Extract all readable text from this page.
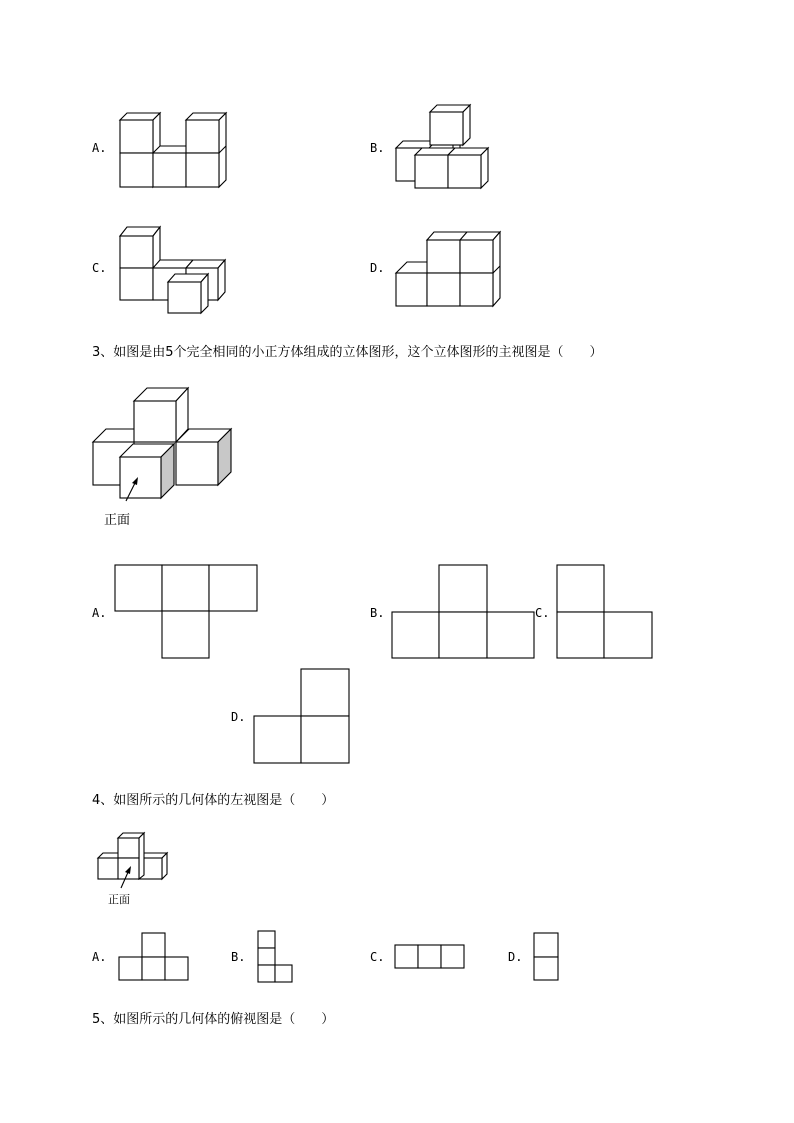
A.	B.
C.	D.
3、如图是由5个完全相同的小正方体组成的立体图形，这个立体图形的主视图是（　　）
正面
A.	B.	C.
D.
4、如图所示的几何体的左视图是（　　）
正面
A.	B.	C.	D.
5、如图所示的几何体的俯视图是（　　）
